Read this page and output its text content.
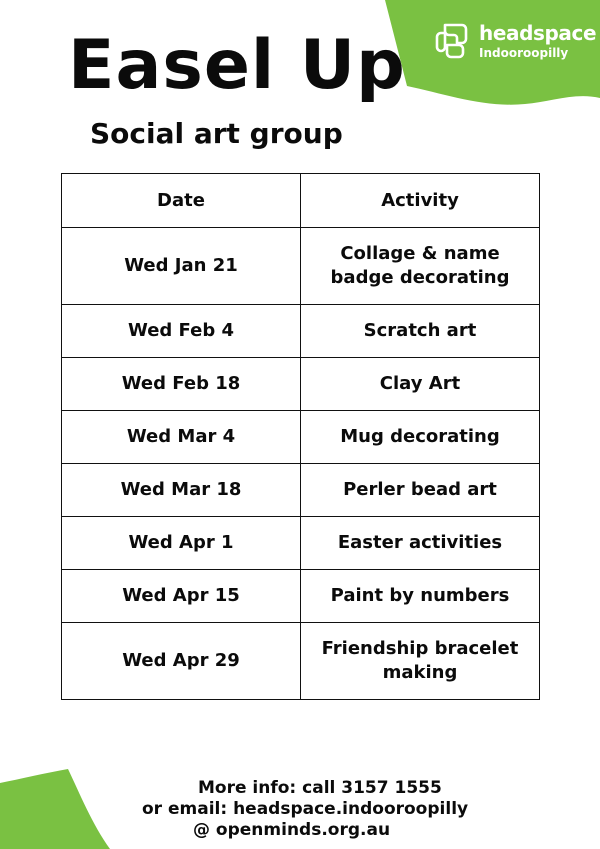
headspace
Indooroopilly
Easel Up
Social art group
Date	Activity
Wed Jan 21	Collage & name badge decorating
Wed Feb 4	Scratch art
Wed Feb 18	Clay Art
Wed Mar 4	Mug decorating
Wed Mar 18	Perler bead art
Wed Apr 1	Easter activities
Wed Apr 15	Paint by numbers
Wed Apr 29	Friendship bracelet making
More info: call 3157 1555
or email: headspace.indooroopilly
@ openminds.org.au
